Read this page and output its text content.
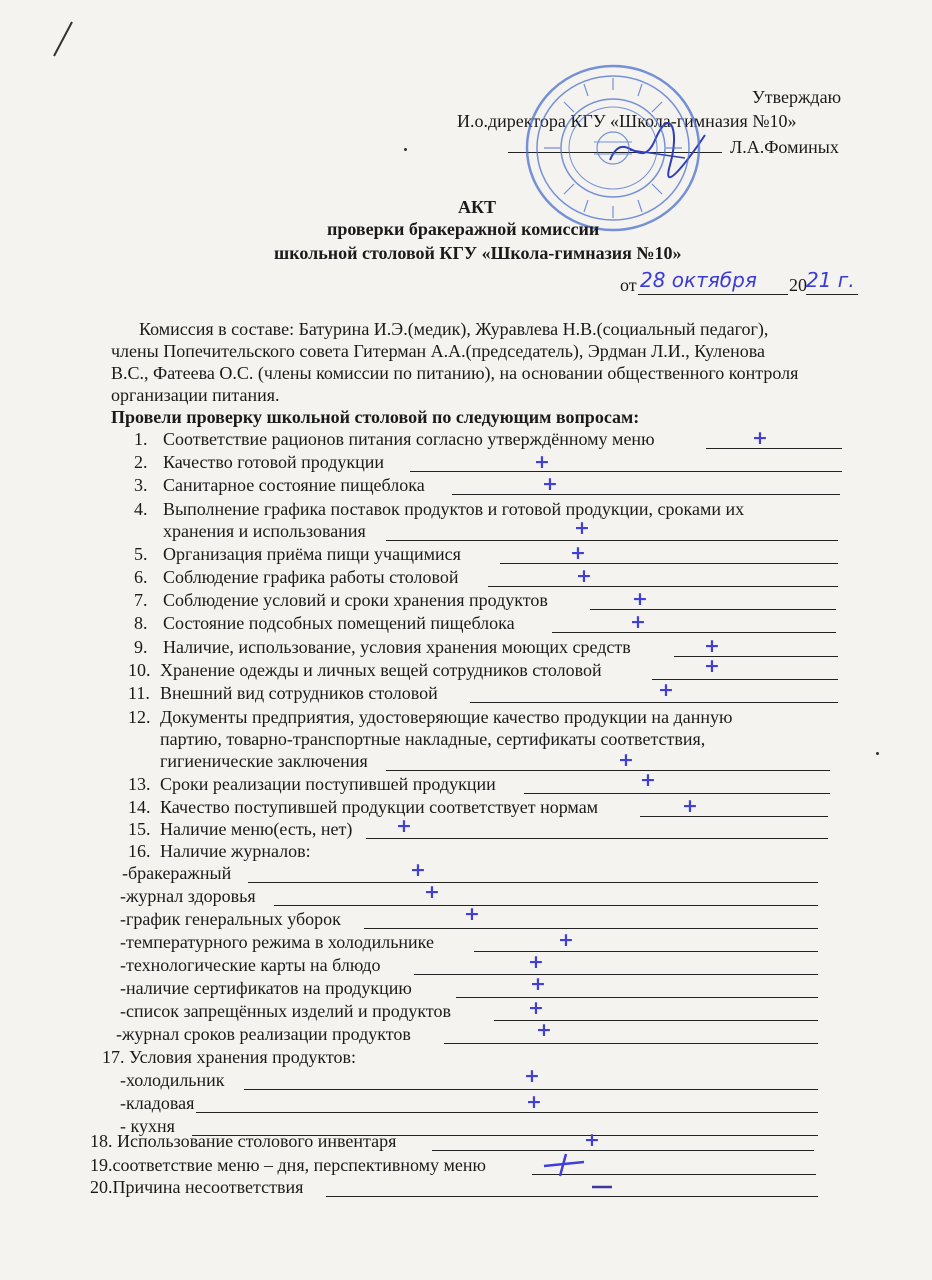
Утверждаю
И.о.директора КГУ «Школа-гимназия №10»
Л.А.Фоминых
АКТ
проверки бракеражной комиссии
школьной столовой КГУ «Школа-гимназия №10»
от 28 октября 20 21 г.
Комиссия в составе: Батурина И.Э.(медик), Журавлева Н.В.(социальный педагог),
члены Попечительского совета Гитерман А.А.(председатель), Эрдман Л.И., Куленова
В.С., Фатеева О.С. (члены комиссии по питанию), на основании общественного контроля
организации питания.
Провели проверку школьной столовой по следующим вопросам:
1. Соответствие рационов питания согласно утверждённому меню	+
2. Качество готовой продукции	+
3. Санитарное состояние пищеблока	+
4. Выполнение графика поставок продуктов и готовой продукции, сроками их
хранения и использования	+
5. Организация приёма пищи учащимися	+
6. Соблюдение графика работы столовой	+
7. Соблюдение условий и сроки хранения продуктов	+
8. Состояние подсобных помещений пищеблока	+
9. Наличие, использование, условия хранения моющих средств	+
10. Хранение одежды и личных вещей сотрудников столовой	+
11. Внешний вид сотрудников столовой	+
12. Документы предприятия, удостоверяющие качество продукции на данную
партию, товарно-транспортные накладные, сертификаты соответствия,
гигиенические заключения	+
13. Сроки реализации поступившей продукции	+
14. Качество поступившей продукции соответствует нормам	+
15. Наличие меню(есть, нет) +
16. Наличие журналов:
-бракеражный	+
-журнал здоровья	+
-график генеральных уборок	+
-температурного режима в холодильнике	+
-технологические карты на блюдо	+
-наличие сертификатов на продукцию	+
-список запрещённых изделий и продуктов	+
-журнал сроков реализации продуктов	+
17. Условия хранения продуктов:
-холодильник	+
-кладовая	+
- кухня
18. Использование столового инвентаря	+
19.соответствие меню – дня, перспективному меню
20.Причина несоответствия
